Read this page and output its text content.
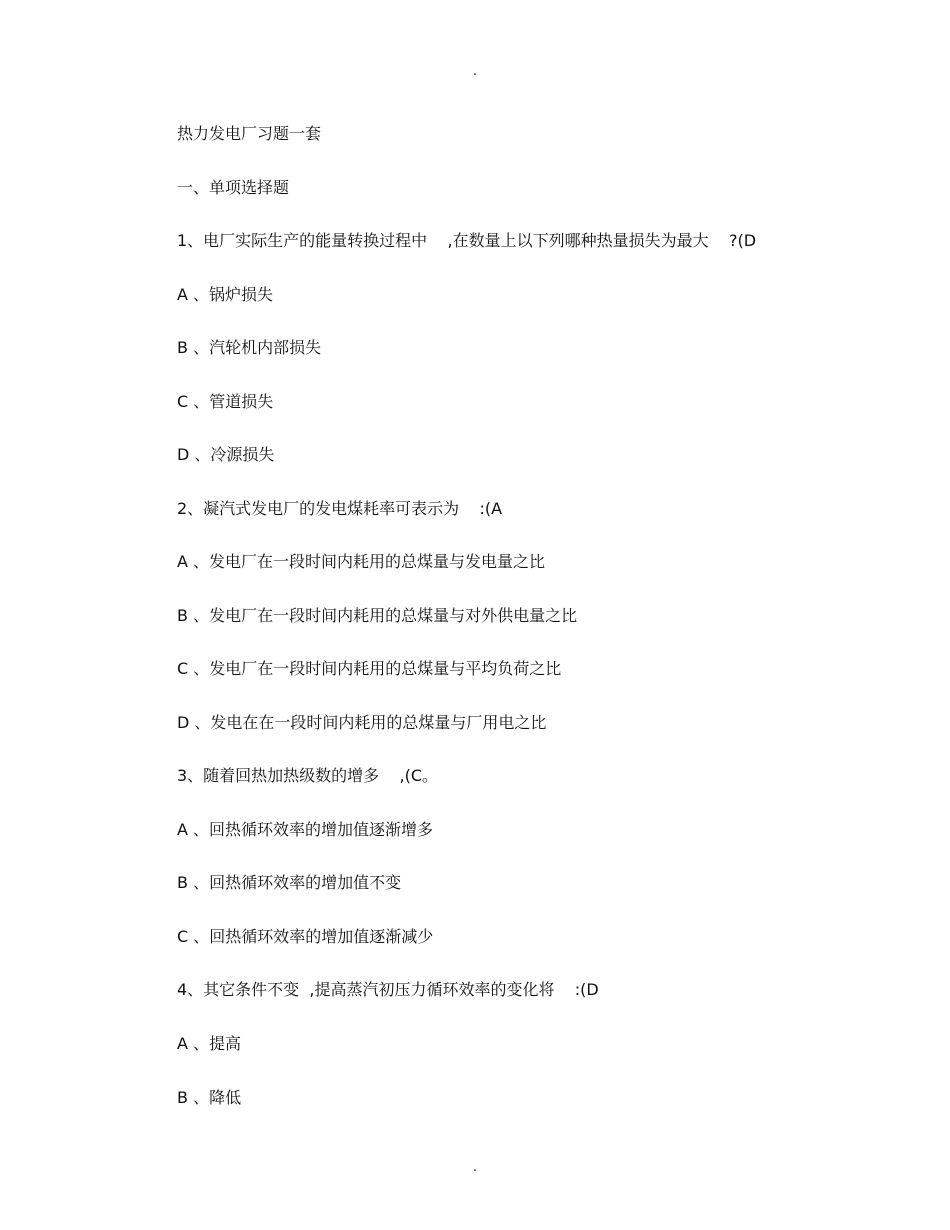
.
热力发电厂习题一套
一、单项选择题
1、电厂实际生产的能量转换过程中    ,在数量上以下列哪种热量损失为最大    ?(D
A 、锅炉损失
B 、汽轮机内部损失
C 、管道损失
D 、冷源损失
2、凝汽式发电厂的发电煤耗率可表示为    :(A
A 、发电厂在一段时间内耗用的总煤量与发电量之比
B 、发电厂在一段时间内耗用的总煤量与对外供电量之比
C 、发电厂在一段时间内耗用的总煤量与平均负荷之比
D 、发电在在一段时间内耗用的总煤量与厂用电之比
3、随着回热加热级数的增多    ,(C。
A 、回热循环效率的增加值逐渐增多
B 、回热循环效率的增加值不变
C 、回热循环效率的增加值逐渐减少
4、其它条件不变  ,提高蒸汽初压力循环效率的变化将    :(D
A 、提高
B 、降低
.
